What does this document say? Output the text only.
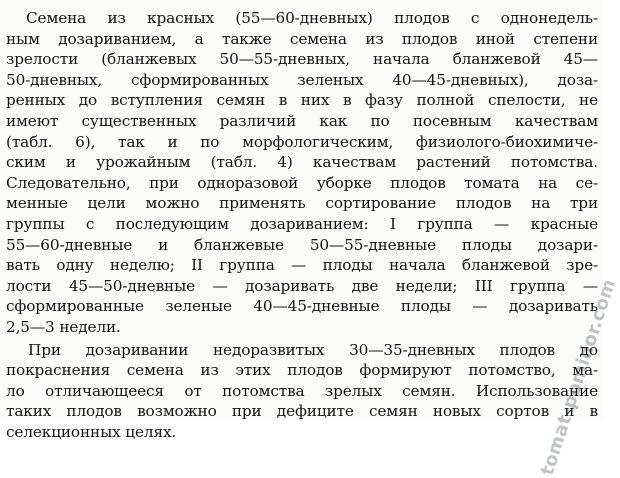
Семена из красных (55—60-дневных) плодов с однонедель-
ным дозариванием, а также семена из плодов иной степени
зрелости (бланжевых 50—55-дневных, начала бланжевой 45—
50-дневных, сформированных зеленых 40—45-дневных), доза-
ренных до вступления семян в них в фазу полной спелости, не
имеют существенных различий как по посевным качествам
(табл. 6), так и по морфологическим, физиолого-биохимиче-
ским и урожайным (табл. 4) качествам растений потомства.
Следовательно, при одноразовой уборке плодов томата на се-
менные цели можно применять сортирование плодов на три
группы с последующим дозариванием: I группа — красные
55—60-дневные и бланжевые 50—55-дневные плоды дозари-
вать одну неделю; II группа — плоды начала бланжевой зре-
лости 45—50-дневные — дозаривать две недели; III группа —
сформированные зеленые 40—45-дневные плоды — дозаривать
2,5—3 недели.
При дозаривании недоразвитых 30—35-дневных плодов до
покраснения семена из этих плодов формируют потомство, ма-
ло отличающееся от потомства зрелых семян. Использование
таких плодов возможно при дефиците семян новых сортов и в
селекционных целях.	tomat-pomidor.com
